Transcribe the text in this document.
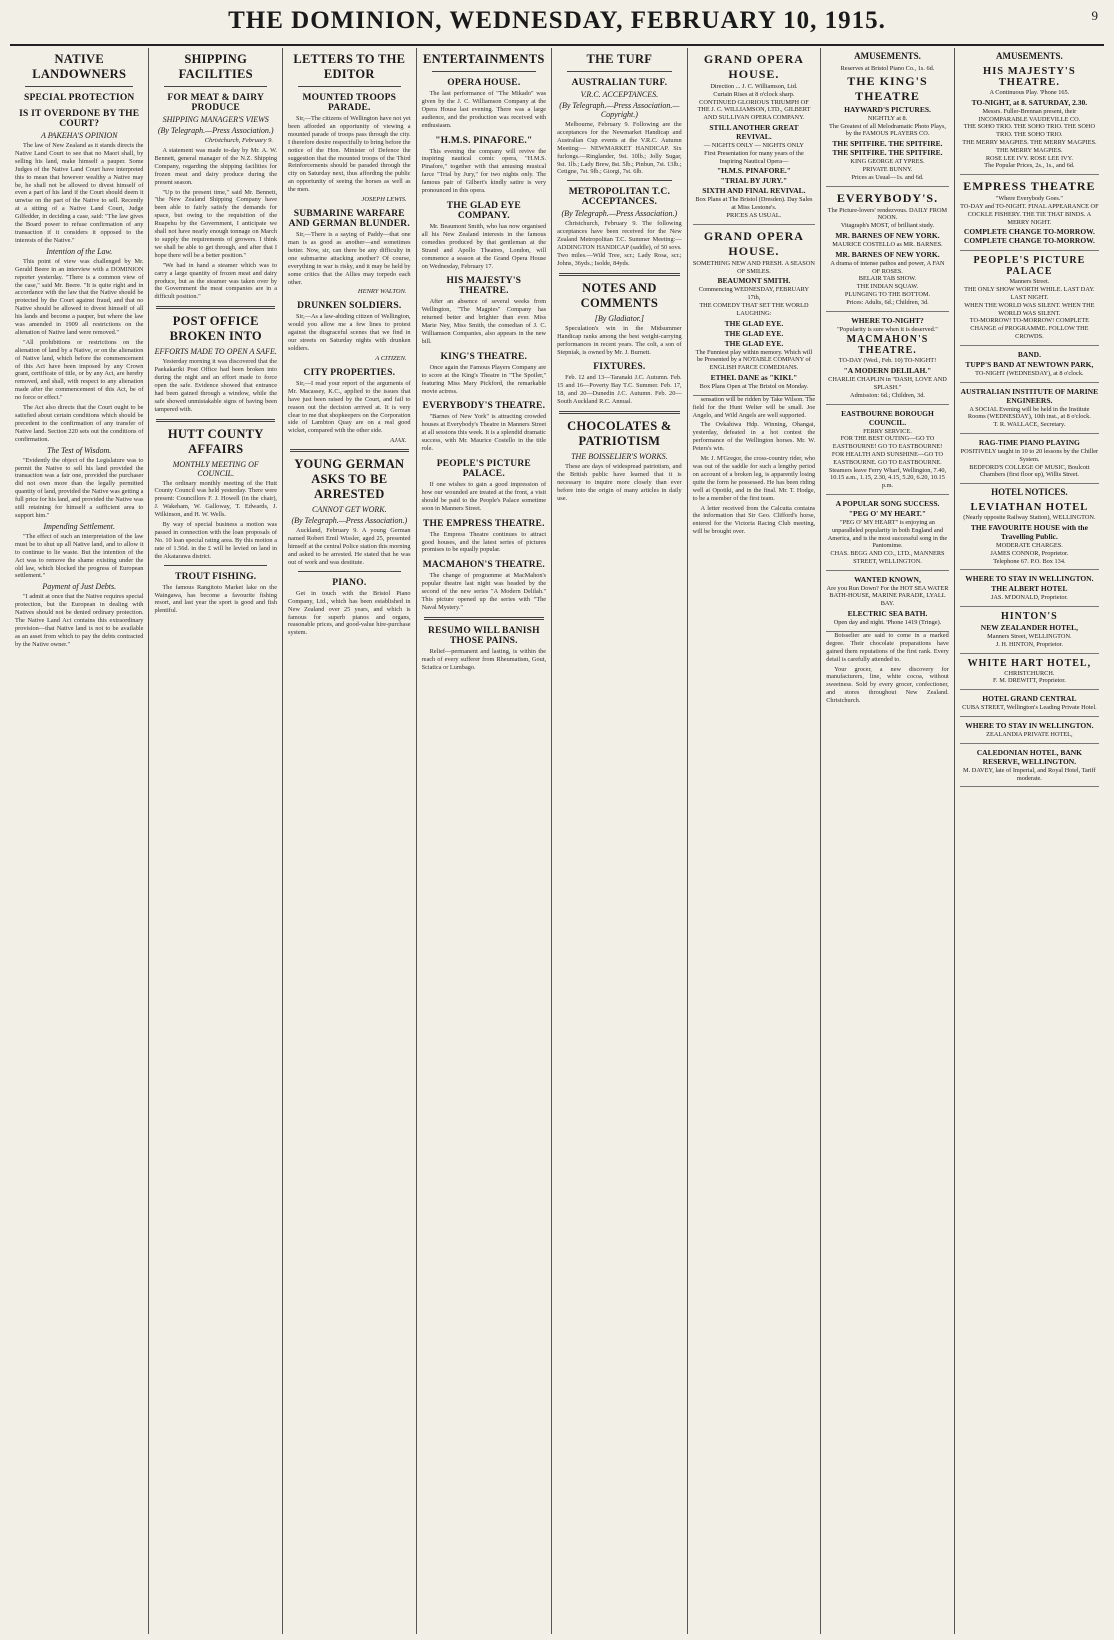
THE DOMINION, WEDNESDAY, FEBRUARY 10, 1915.	9
NATIVE LANDOWNERS
SPECIAL PROTECTION
IS IT OVERDONE BY THE COURT?
A PAKEHA'S OPINION

The law of New Zealand as it stands directs the Native Land Court to see that no Maori shall, by selling his land, make himself a pauper. Some Judges of the Native Land Court have interpreted this to mean that however wealthy a Native may be, he shall not be allowed to divest himself of even a part of his land if the Court should deem it unwise on the part of the Native to sell. Recently at a sitting of a Native Land Court, Judge Gilfedder, in deciding a case, said: "The law gives the Board power to refuse confirmation of any transaction if it considers it opposed to the interests of the Native."

Intention of the Law.

This point of view was challenged by Mr. Gerald Beere in an interview with a DOMINION reporter yesterday. "There is a common view of the case," said Mr. Beere. "It is quite right and in accordance with the law that the Native should be protected by the Court against fraud, and that no Native should be allowed to divest himself of all his lands and become a pauper, but where the law was amended in 1909 all restrictions on the alienation of Native land were removed."

"All prohibitions or restrictions on the alienation of land by a Native, or on the alienation of Native land, which before the commencement of this Act have been imposed by any Crown grant, certificate of title, or by any Act, are hereby removed, and shall, with respect to any alienation made after the commencement of this Act, be of no force or effect."

The Act also directs that the Court ought to be satisfied about certain conditions which should be precedent to the confirmation of any transfer of Native land. Section 220 sets out the conditions of confirmation.

The Test of Wisdom.

"Evidently the object of the Legislature was to permit the Native to sell his land provided the transaction was a fair one, provided the purchaser did not own more than the legally permitted quantity of land, provided the Native was getting a full price for his land, and provided the Native was still retaining for himself a sufficient area to support him."

Impending Settlement.

"The effect of such an interpretation of the law must be to shut up all Native land, and to allow it to continue to lie waste. But the intention of the Act was to remove the shame existing under the old law, which blocked the progress of European settlement."

Payment of Just Debts.

"I admit at once that the Native requires special protection, but the European in dealing with Natives should not be denied ordinary protection. The Native Land Act contains this extraordinary provision—that Native land is not to be available as an asset from which to pay the debts contracted by the Native owner."

SHIPPING FACILITIES
FOR MEAT & DAIRY PRODUCE
SHIPPING MANAGER'S VIEWS
(By Telegraph.—Press Association.)

Christchurch, February 9.

A statement was made to-day by Mr. A. W. Bennett, general manager of the N.Z. Shipping Company, regarding the shipping facilities for frozen meat and dairy produce during the present season.

"Up to the present time," said Mr. Bennett, "the New Zealand Shipping Company have been able to fairly satisfy the demands for space, but owing to the requisition of the Ruapehu by the Government, I anticipate we shall not have nearly enough tonnage on March to supply the requirements of growers. I think we shall be able to get through, and after that I hope there will be a better position."

"We had in hand a steamer which was to carry a large quantity of frozen meat and dairy produce, but as the steamer was taken over by the Government the meat companies are in a difficult position."

POST OFFICE BROKEN INTO
EFFORTS MADE TO OPEN A SAFE.

Yesterday morning it was discovered that the Paekakariki Post Office had been broken into during the night and an effort made to force open the safe. Evidence showed that entrance had been gained through a window, while the safe showed unmistakable signs of having been tampered with.

HUTT COUNTY AFFAIRS
MONTHLY MEETING OF COUNCIL.

The ordinary monthly meeting of the Hutt County Council was held yesterday. There were present: Councillors F. J. Howell (in the chair), J. Wakeham, W. Galloway, T. Edwards, J. Wilkinson, and H. W. Wells.

By way of special business a motion was passed in connection with the loan proposals of No. 10 loan special rating area. By this motion a rate of 1.56d. in the £ will be levied on land in the Akatarawa district.

TROUT FISHING.

The famous Rangitoto Market lake on the Waingawa, has become a favourite fishing resort, and last year the sport is good and fish plentiful.

LETTERS TO THE EDITOR
MOUNTED TROOPS PARADE.

Sir,—The citizens of Wellington have not yet been afforded an opportunity of viewing a mounted parade of troops pass through the city. I therefore desire respectfully to bring before the notice of the Hon. Minister of Defence the suggestion that the mounted troops of the Third Reinforcements should be paraded through the city on Saturday next, thus affording the public an opportunity of seeing the horses as well as the men.

JOSEPH LEWIS.

SUBMARINE WARFARE AND GERMAN BLUNDER.

Sir,—There is a saying of Paddy—that one man is as good as another—and sometimes better. Now, sir, can there be any difficulty in one submarine attacking another? Of course, everything in war is risky, and it may be held by some critics that the Allies may torpedo each other.

HENRY WALTON.

DRUNKEN SOLDIERS.

Sir,—As a law-abiding citizen of Wellington, would you allow me a few lines to protest against the disgraceful scenes that we find in our streets on Saturday nights with drunken soldiers.

A CITIZEN.

CITY PROPERTIES.

Sir,—I read your report of the arguments of Mr. Macassey, K.C., applied to the issues that have just been raised by the Court, and fail to reason out the decision arrived at. It is very clear to me that shopkeepers on the Corporation side of Lambton Quay are on a real good wicket, compared with the other side.

AJAX.

YOUNG GERMAN ASKS TO BE ARRESTED
CANNOT GET WORK.
(By Telegraph.—Press Association.)

Auckland, February 9. A young German named Robert Emil Wissler, aged 25, presented himself at the central Police station this morning and asked to be arrested. He stated that he was out of work and was destitute.

PIANO.

Get in touch with the Bristol Piano Company, Ltd., which has been established in New Zealand over 25 years, and which is famous for superb pianos and organs, reasonable prices, and good-value hire-purchase system.

ENTERTAINMENTS
OPERA HOUSE.

The last performance of "The Mikado" was given by the J. C. Williamson Company at the Opera House last evening. There was a large audience, and the production was received with enthusiasm.

"H.M.S. PINAFORE."

This evening the company will revive the inspiring nautical comic opera, "H.M.S. Pinafore," together with that amusing musical farce "Trial by Jury," for two nights only. The famous pair of Gilbert's kindly satire is very pronounced in this opera.

THE GLAD EYE COMPANY.

Mr. Beaumont Smith, who has now organised all his New Zealand interests in the famous comedies produced by that gentleman at the Strand and Apollo Theatres, London, will commence a season at the Grand Opera House on Wednesday, February 17.

HIS MAJESTY'S THEATRE.

After an absence of several weeks from Wellington, "The Magpies" Company has returned better and brighter than ever. Miss Marie Ney, Miss Smith, the comedian of J. C. Williamson Companies, also appears in the new bill.

KING'S THEATRE.

Once again the Famous Players Company are to score at the King's Theatre in "The Spoiler," featuring Miss Mary Pickford, the remarkable movie actress.

EVERYBODY'S THEATRE.

"Barnes of New York" is attracting crowded houses at Everybody's Theatre in Manners Street at all sessions this week. It is a splendid dramatic success, with Mr. Maurice Costello in the title role.

PEOPLE'S PICTURE PALACE.

If one wishes to gain a good impression of how our wounded are treated at the front, a visit should be paid to the People's Palace sometime soon in Manners Street.

THE EMPRESS THEATRE.

The Empress Theatre continues to attract good houses, and the latest series of pictures promises to be equally popular.

MACMAHON'S THEATRE.

The change of programme at MacMahon's popular theatre last night was headed by the second of the new series "A Modern Delilah." This picture opened up the series with "The Naval Mystery."

RESUMO WILL BANISH THOSE PAINS.

Relief—permanent and lasting, is within the reach of every sufferer from Rheumatism, Gout, Sciatica or Lumbago.

THE TURF
AUSTRALIAN TURF.
V.R.C. ACCEPTANCES.
(By Telegraph.—Press Association.—Copyright.)

Melbourne, February 9. Following are the acceptances for the Newmarket Handicap and Australian Cup events at the V.R.C. Autumn Meeting:— NEWMARKET HANDICAP. Six furlongs.—Ringlander, 9st. 10lb.; Jolly Sugar, 9st. 1lb.; Lady Brew, 8st. 5lb.; Pinbun, 7st. 13lb.; Cetigne, 7st. 9lb.; Giorgi, 7st. 6lb.

METROPOLITAN T.C. ACCEPTANCES.
(By Telegraph.—Press Association.)

Christchurch, February 9. The following acceptances have been received for the New Zealand Metropolitan T.C. Summer Meeting:— ADDINGTON HANDICAP (saddle), of 50 sovs. Two miles.—Wild Tree, scr.; Lady Rosa, scr.; Johns, 36yds.; Isolde, 84yds.

NOTES AND COMMENTS
[By Gladiator.]

Speculation's win in the Midsummer Handicap ranks among the best weight-carrying performances in recent years. The colt, a son of Stepniak, is owned by Mr. J. Burnett.

FIXTURES.

Feb. 12 and 13—Taranaki J.C. Autumn. Feb. 15 and 16—Poverty Bay T.C. Summer. Feb. 17, 18, and 20—Dunedin J.C. Autumn. Feb. 20—South Auckland R.C. Annual.

CHOCOLATES & PATRIOTISM
THE BOISSELIER'S WORKS.

These are days of widespread patriotism, and the British public have learned that it is necessary to inquire more closely than ever before into the origin of many articles in daily use.

GRAND OPERA HOUSE.

Direction ... J. C. Williamson, Ltd.

Curtain Rises at 8 o'clock sharp.

CONTINUED GLORIOUS TRIUMPH OF THE J. C. WILLIAMSON, LTD., GILBERT AND SULLIVAN OPERA COMPANY.

STILL ANOTHER GREAT REVIVAL.

— NIGHTS ONLY — NIGHTS ONLY

First Presentation for many years of the Inspiring Nautical Opera—

"H.M.S. PINAFORE."

"TRIAL BY JURY."

SIXTH AND FINAL REVIVAL.

Box Plans at The Bristol (Dresden). Day Sales at Miss Lestone's.

PRICES AS USUAL.

GRAND OPERA HOUSE.

SOMETHING NEW AND FRESH. A SEASON OF SMILES.

BEAUMONT SMITH.

Commencing WEDNESDAY, FEBRUARY 17th,

THE COMEDY THAT SET THE WORLD LAUGHING:

THE GLAD EYE.

THE GLAD EYE.

THE GLAD EYE.

The Funniest play within memory. Which will be Presented by a NOTABLE COMPANY of ENGLISH FARCE COMEDIANS.

ETHEL DANE as "KIKI."

Box Plans Open at The Bristol on Monday.

sensation will be ridden by Take Wilson. The field for the Hunt Welter will be small. Joe Angelo, and Wild Angels are well supported.

The Ovkahiwa Hdp. Winning, Ohangai, yesterday, defeated in a hot contest the performance of the Wellington horses. Mr. W. Peters's win.

Mr. J. M'Gregor, the cross-country rider, who was out of the saddle for such a lengthy period on account of a broken leg, is apparently losing quite the form he possessed. He has been riding well at Opotiki, and in the final. Mr. T. Hodge, to be a member of the first team.

A letter received from the Calcutta contains the information that Sir Geo. Clifford's horse, entered for the Victoria Racing Club meeting, will be brought over.

AMUSEMENTS.

Reserves at Bristol Piano Co., 1s. 6d.

THE KING'S THEATRE

HAYWARD'S PICTURES.

NIGHTLY at 8.

The Greatest of all Melodramatic Photo Plays, by the FAMOUS PLAYERS CO.

THE SPITFIRE. THE SPITFIRE. THE SPITFIRE. THE SPITFIRE.

KING GEORGE AT YPRES.

PRIVATE BUNNY.

Prices as Usual—1s. and 6d.

EVERYBODY'S.

The Picture-lovers' rendezvous. DAILY FROM NOON.

Vitagraph's MOST, of brilliant study.

MR. BARNES OF NEW YORK.

MAURICE COSTELLO as MR. BARNES.

MR. BARNES OF NEW YORK.

A drama of intense pathos and power, A FAN OF ROSES.

BELAIR TAB SHOW.

THE INDIAN SQUAW.

PLUNGING TO THE BOTTOM.

Prices: Adults, 6d.; Children, 3d.

WHERE TO-NIGHT?

"Popularity is sure when it is deserved."

MACMAHON'S THEATRE.

TO-DAY (Wed., Feb. 10) TO-NIGHT!

"A MODERN DELILAH."

CHARLIE CHAPLIN in "DASH, LOVE AND SPLASH."

Admission: 6d.; Children, 3d.

EASTBOURNE BOROUGH COUNCIL.

FERRY SERVICE.

FOR THE BEST OUTING—GO TO EASTBOURNE! GO TO EASTBOURNE!

FOR HEALTH AND SUNSHINE—GO TO EASTBOURNE. GO TO EASTBOURNE.

Steamers leave Ferry Wharf, Wellington, 7.40, 10.15 a.m., 1.15, 2.30, 4.15, 5.20, 6.20, 10.15 p.m.

A POPULAR SONG SUCCESS.

"PEG O' MY HEART."

"PEG O' MY HEART" is enjoying an unparalleled popularity in both England and America, and is the most successful song in the Pantomime.

CHAS. BEGG AND CO., LTD., MANNERS STREET, WELLINGTON.

WANTED KNOWN,

Are you Run Down? For the HOT SEA WATER BATH-HOUSE, MARINE PARADE, LYALL BAY.

ELECTRIC SEA BATH.

Open day and night. 'Phone 1419 (Tringe).

Boisselier are said to come in a marked degree. Their chocolate preparations have gained them reputations of the first rank. Every detail is carefully attended to.

Your grocer, a new discovery for manufacturers, line, white cocoa, without sweetness. Sold by every grocer, confectioner, and stores throughout New Zealand. Christchurch.

AMUSEMENTS.

HIS MAJESTY'S THEATRE.

A Continuous Play. 'Phone 165.

TO-NIGHT, at 8. SATURDAY, 2.30.

Messrs. Fuller-Brennan present, their INCOMPARABLE VAUDEVILLE CO.

THE SOHO TRIO. THE SOHO TRIO. THE SOHO TRIO. THE SOHO TRIO.

THE MERRY MAGPIES. THE MERRY MAGPIES. THE MERRY MAGPIES.

ROSE LEE IVY. ROSE LEE IVY.

The Popular Prices, 2s., 1s., and 6d.

EMPRESS THEATRE

"Where Everybody Goes."

TO-DAY and TO-NIGHT. FINAL APPEARANCE OF

COCKLE FISHERY. THE TIE THAT BINDS. A MERRY NIGHT.

COMPLETE CHANGE TO-MORROW. COMPLETE CHANGE TO-MORROW.

PEOPLE'S PICTURE PALACE

Manners Street.

THE ONLY SHOW WORTH WHILE. LAST DAY. LAST NIGHT.

WHEN THE WORLD WAS SILENT. WHEN THE WORLD WAS SILENT.

TO-MORROW! TO-MORROW! COMPLETE CHANGE of PROGRAMME. FOLLOW THE CROWDS.

BAND.

TUPP'S BAND AT NEWTOWN PARK,

TO-NIGHT (WEDNESDAY), at 8 o'clock.

AUSTRALIAN INSTITUTE OF MARINE ENGINEERS.

A SOCIAL Evening will be held in the Institute Rooms (WEDNESDAY), 10th inst., at 8 o'clock.

T. R. WALLACE, Secretary.

RAG-TIME PIANO PLAYING

POSITIVELY taught in 10 to 20 lessons by the Chiller System.

BEDFORD'S COLLEGE OF MUSIC, Boulcott Chambers (first floor up), Willis Street.

HOTEL NOTICES.

LEVIATHAN HOTEL

(Nearly opposite Railway Station), WELLINGTON.

THE FAVOURITE HOUSE with the Travelling Public.

MODERATE CHARGES.

JAMES CONNOR, Proprietor.

Telephone 67. P.O. Box 134.

WHERE TO STAY IN WELLINGTON.

THE ALBERT HOTEL

JAS. M'DONALD, Proprietor.

HINTON'S

NEW ZEALANDER HOTEL,

Manners Street, WELLINGTON.

J. H. HINTON, Proprietor.

WHITE HART HOTEL,

CHRISTCHURCH.

F. M. DREWITT, Proprietor.

HOTEL GRAND CENTRAL

CUBA STREET, Wellington's Leading Private Hotel.

WHERE TO STAY IN WELLINGTON.

ZEALANDIA PRIVATE HOTEL,

CALEDONIAN HOTEL, BANK RESERVE, WELLINGTON.

M. DAVEY, late of Imperial, and Royal Hotel, Tariff moderate.
